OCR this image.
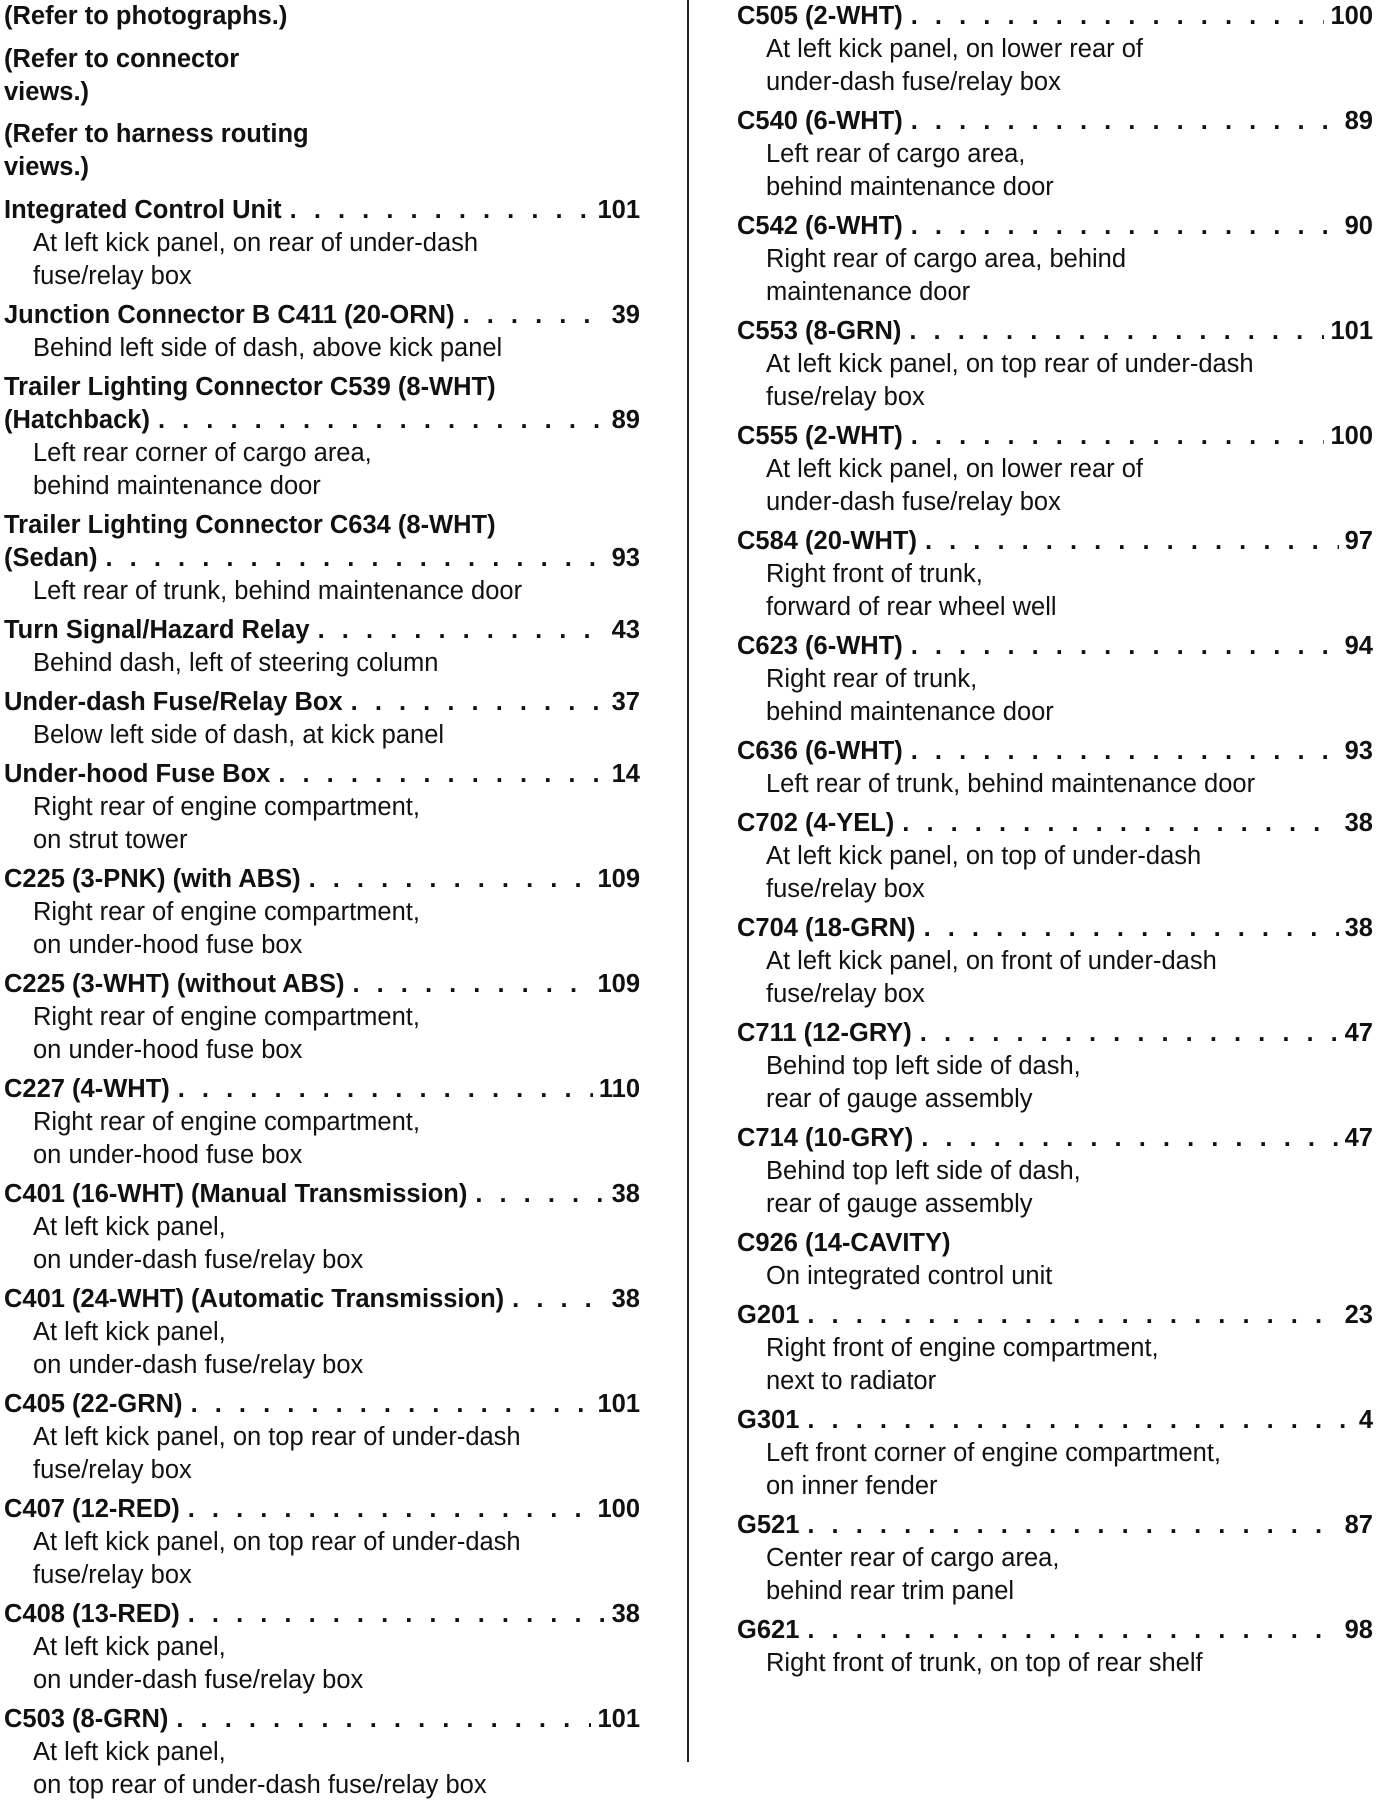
(Refer to photographs.)
(Refer to connector
views.)
(Refer to harness routing
views.)
Integrated Control Unit . . .	101
At left kick panel, on rear of under-dash
fuse/relay box
Junction Connector B C411 (20-ORN) . . .	39
Behind left side of dash, above kick panel
Trailer Lighting Connector C539 (8-WHT)
(Hatchback) . . .	89
Left rear corner of cargo area,
behind maintenance door
Trailer Lighting Connector C634 (8-WHT)
(Sedan) . . .	93
Left rear of trunk, behind maintenance door
Turn Signal/Hazard Relay . . .	43
Behind dash, left of steering column
Under-dash Fuse/Relay Box . . .	37
Below left side of dash, at kick panel
Under-hood Fuse Box . . .	14
Right rear of engine compartment,
on strut tower
C225 (3-PNK) (with ABS) . . .	109
Right rear of engine compartment,
on under-hood fuse box
C225 (3-WHT) (without ABS) . . .	109
Right rear of engine compartment,
on under-hood fuse box
C227 (4-WHT) . . .	110
Right rear of engine compartment,
on under-hood fuse box
C401 (16-WHT) (Manual Transmission) . . .	38
At left kick panel,
on under-dash fuse/relay box
C401 (24-WHT) (Automatic Transmission) . . .	38
At left kick panel,
on under-dash fuse/relay box
C405 (22-GRN) . . .	101
At left kick panel, on top rear of under-dash
fuse/relay box
C407 (12-RED) . . .	100
At left kick panel, on top rear of under-dash
fuse/relay box
C408 (13-RED) . . .	38
At left kick panel,
on under-dash fuse/relay box
C503 (8-GRN) . . .	101
At left kick panel,
on top rear of under-dash fuse/relay box
C505 (2-WHT) . . .	100
At left kick panel, on lower rear of
under-dash fuse/relay box
C540 (6-WHT) . . .	89
Left rear of cargo area,
behind maintenance door
C542 (6-WHT) . . .	90
Right rear of cargo area, behind
maintenance door
C553 (8-GRN) . . .	101
At left kick panel, on top rear of under-dash
fuse/relay box
C555 (2-WHT) . . .	100
At left kick panel, on lower rear of
under-dash fuse/relay box
C584 (20-WHT) . . .	97
Right front of trunk,
forward of rear wheel well
C623 (6-WHT) . . .	94
Right rear of trunk,
behind maintenance door
C636 (6-WHT) . . .	93
Left rear of trunk, behind maintenance door
C702 (4-YEL) . . .	38
At left kick panel, on top of under-dash
fuse/relay box
C704 (18-GRN) . . .	38
At left kick panel, on front of under-dash
fuse/relay box
C711 (12-GRY) . . .	47
Behind top left side of dash,
rear of gauge assembly
C714 (10-GRY) . . .	47
Behind top left side of dash,
rear of gauge assembly
C926 (14-CAVITY)
On integrated control unit
G201 . . .	23
Right front of engine compartment,
next to radiator
G301 . . .	4
Left front corner of engine compartment,
on inner fender
G521 . . .	87
Center rear of cargo area,
behind rear trim panel
G621 . . .	98
Right front of trunk, on top of rear shelf
